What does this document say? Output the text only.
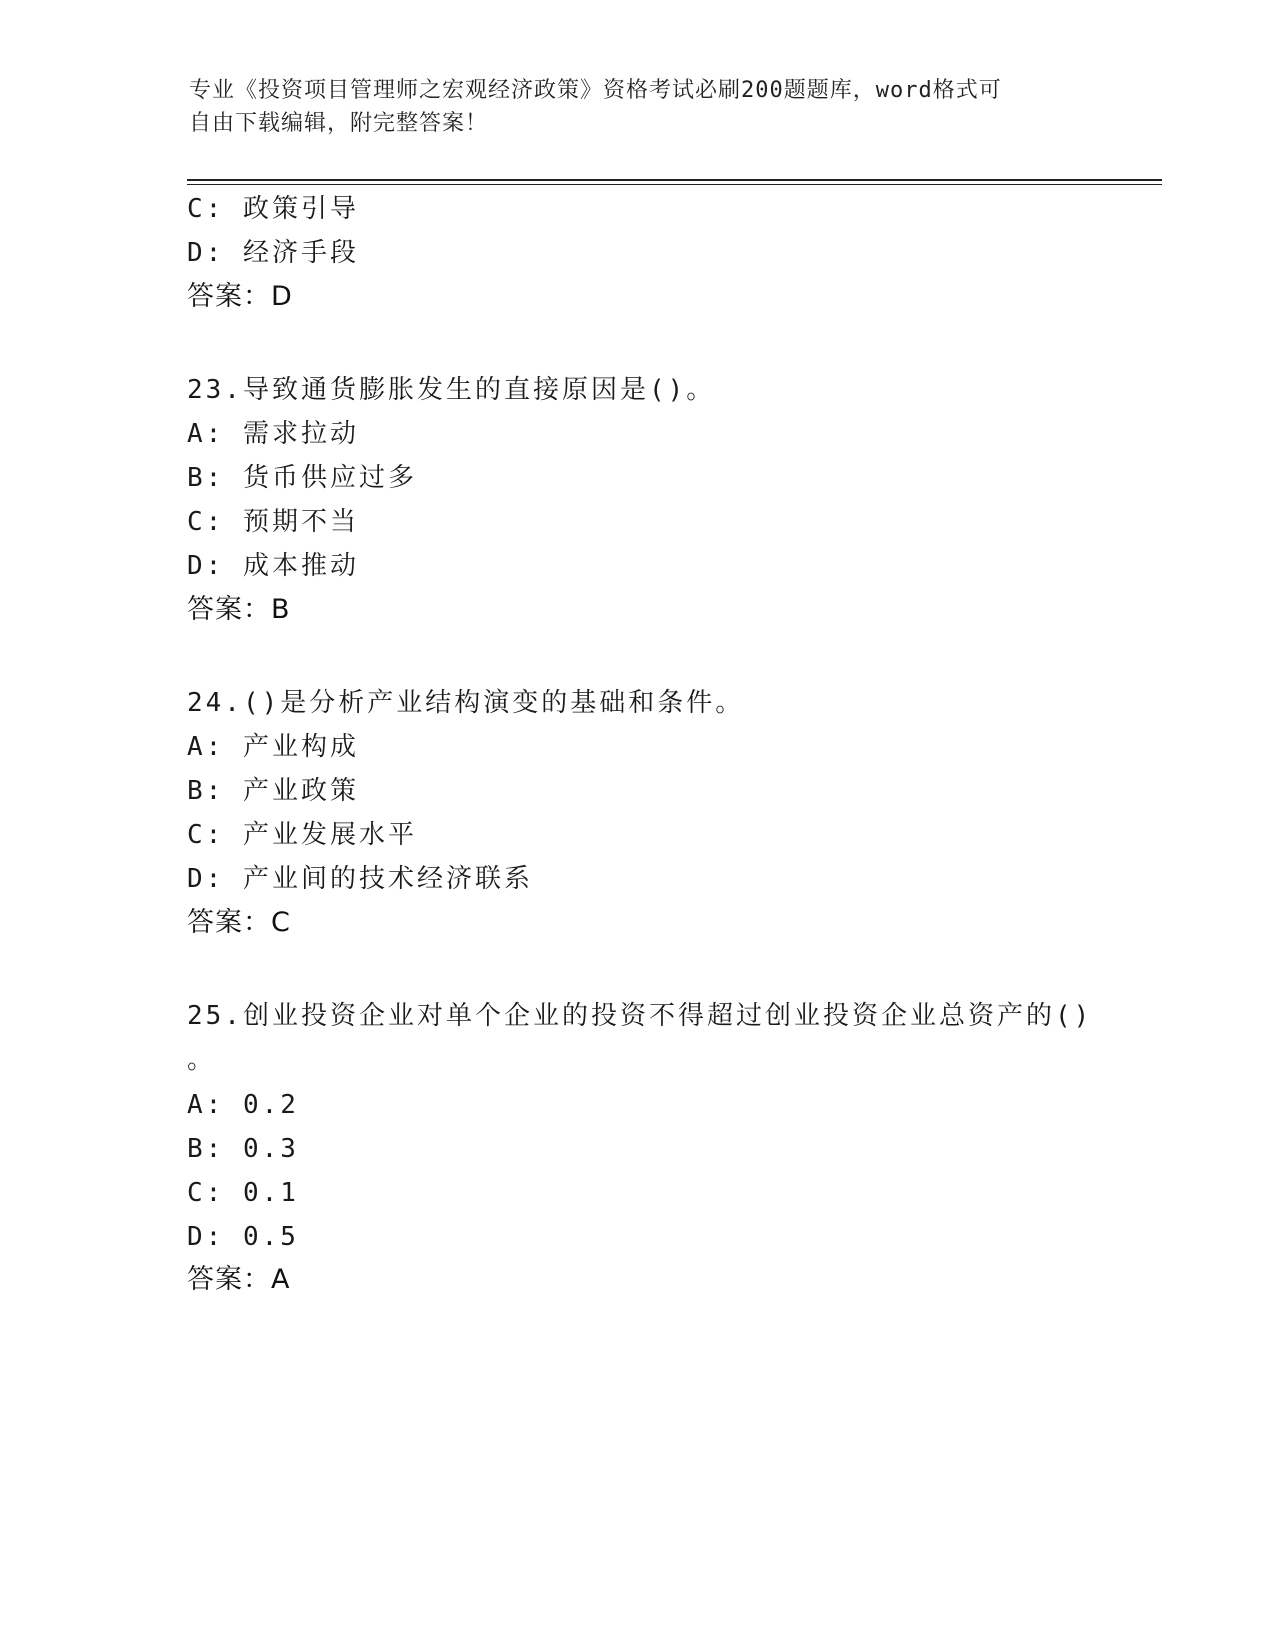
专业《投资项目管理师之宏观经济政策》资格考试必刷200题题库，word格式可
自由下载编辑，附完整答案！
C: 政策引导
D: 经济手段
答案：D
23.导致通货膨胀发生的直接原因是()。
A: 需求拉动
B: 货币供应过多
C: 预期不当
D: 成本推动
答案：B
24.()是分析产业结构演变的基础和条件。
A: 产业构成
B: 产业政策
C: 产业发展水平
D: 产业间的技术经济联系
答案：C
25.创业投资企业对单个企业的投资不得超过创业投资企业总资产的()
。
A: 0.2
B: 0.3
C: 0.1
D: 0.5
答案：A
